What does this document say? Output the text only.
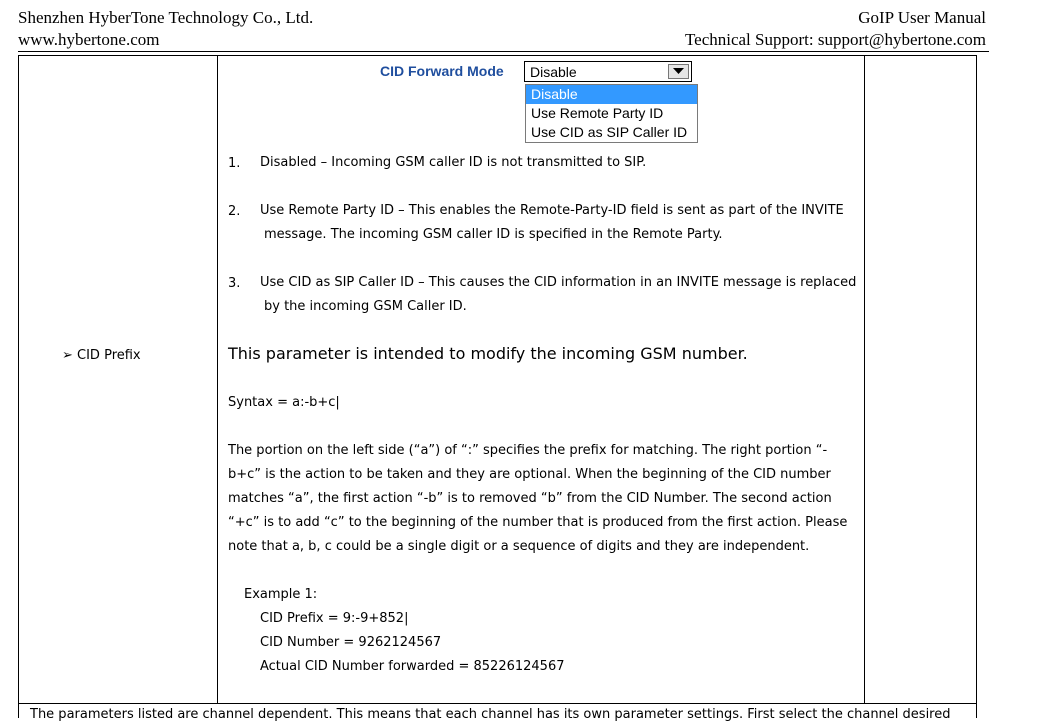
Shenzhen HyberTone Technology Co., Ltd.
www.hybertone.com
GoIP User Manual
Technical Support: support@hybertone.com
CID Forward Mode Disable
Disable
Use Remote Party ID
Use CID as SIP Caller ID
1. Disabled – Incoming GSM caller ID is not transmitted to SIP.
2. Use Remote Party ID – This enables the Remote-Party-ID field is sent as part of the INVITE
message. The incoming GSM caller ID is specified in the Remote Party.
3. Use CID as SIP Caller ID – This causes the CID information in an INVITE message is replaced
by the incoming GSM Caller ID.
➢ CID Prefix	This parameter is intended to modify the incoming GSM number.
Syntax = a:-b+c|
The portion on the left side (“a”) of “:” specifies the prefix for matching. The right portion “-
b+c” is the action to be taken and they are optional. When the beginning of the CID number
matches “a”, the first action “-b” is to removed “b” from the CID Number. The second action
“+c” is to add “c” to the beginning of the number that is produced from the first action. Please
note that a, b, c could be a single digit or a sequence of digits and they are independent.
Example 1:
CID Prefix = 9:-9+852|
CID Number = 9262124567
Actual CID Number forwarded = 85226124567
The parameters listed are channel dependent. This means that each channel has its own parameter settings. First select the channel desired
